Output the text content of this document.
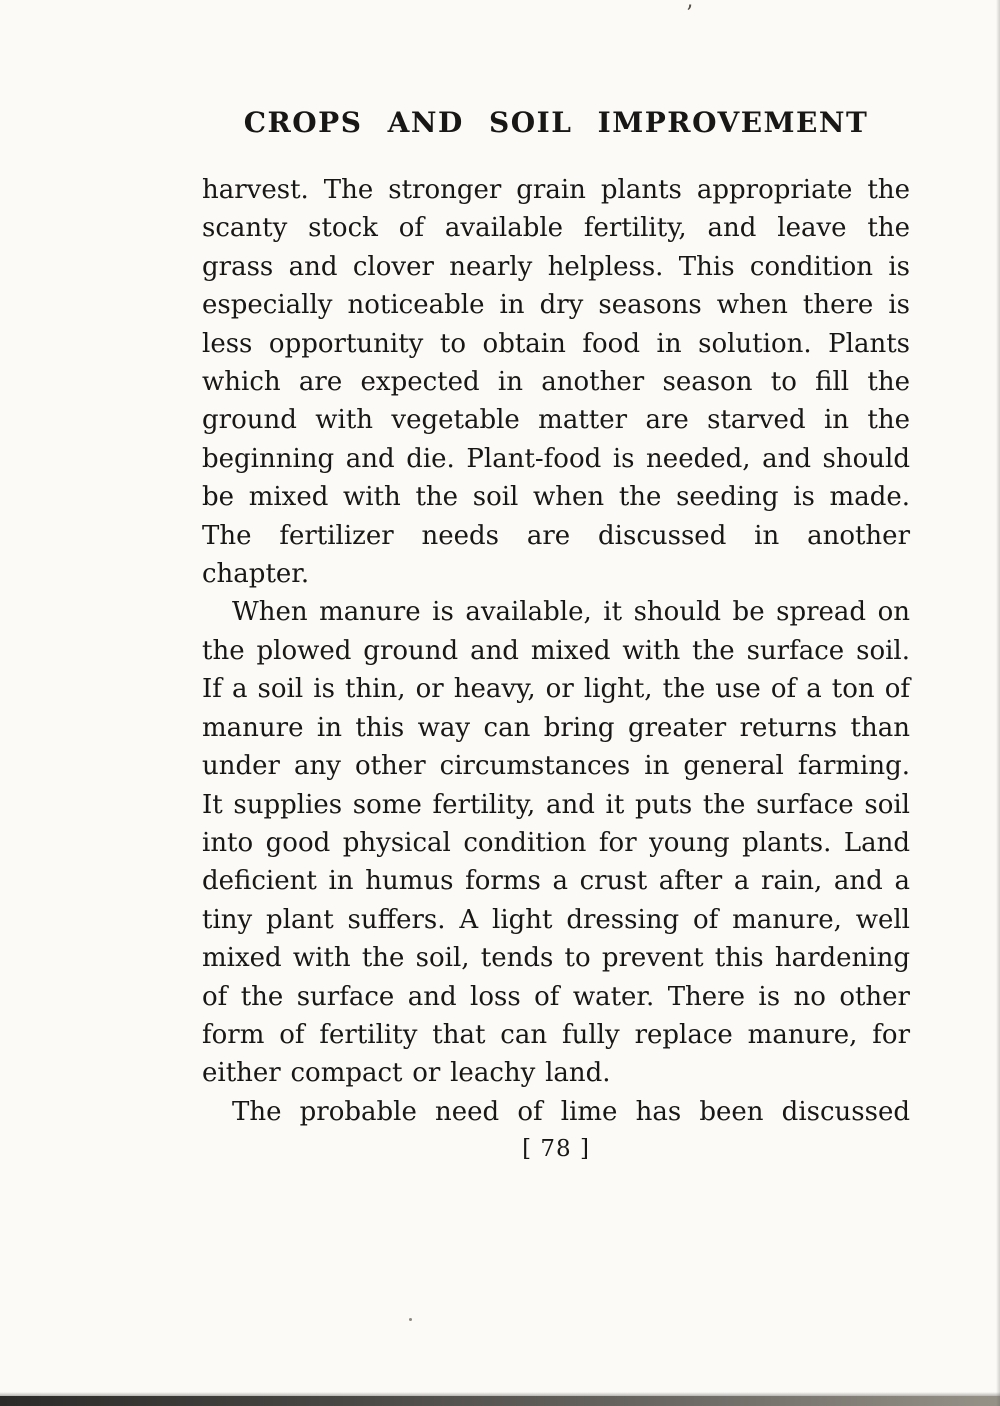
’
CROPS AND SOIL IMPROVEMENT

harvest. The stronger grain plants appropriate the scanty stock of available fertility, and leave the grass and clover nearly helpless. This condition is especially noticeable in dry seasons when there is less opportunity to obtain food in solution. Plants which are expected in another season to fill the ground with vegetable matter are starved in the beginning and die. Plant-food is needed, and should be mixed with the soil when the seeding is made. The fertilizer needs are discussed in another chapter.

When manure is available, it should be spread on the plowed ground and mixed with the surface soil. If a soil is thin, or heavy, or light, the use of a ton of manure in this way can bring greater returns than under any other circumstances in general farming. It supplies some fertility, and it puts the surface soil into good physical condition for young plants. Land deficient in humus forms a crust after a rain, and a tiny plant suffers. A light dressing of manure, well mixed with the soil, tends to prevent this hardening of the surface and loss of water. There is no other form of fertility that can fully replace manure, for either compact or leachy land.

The probable need of lime has been discussed

[ 78 ]
